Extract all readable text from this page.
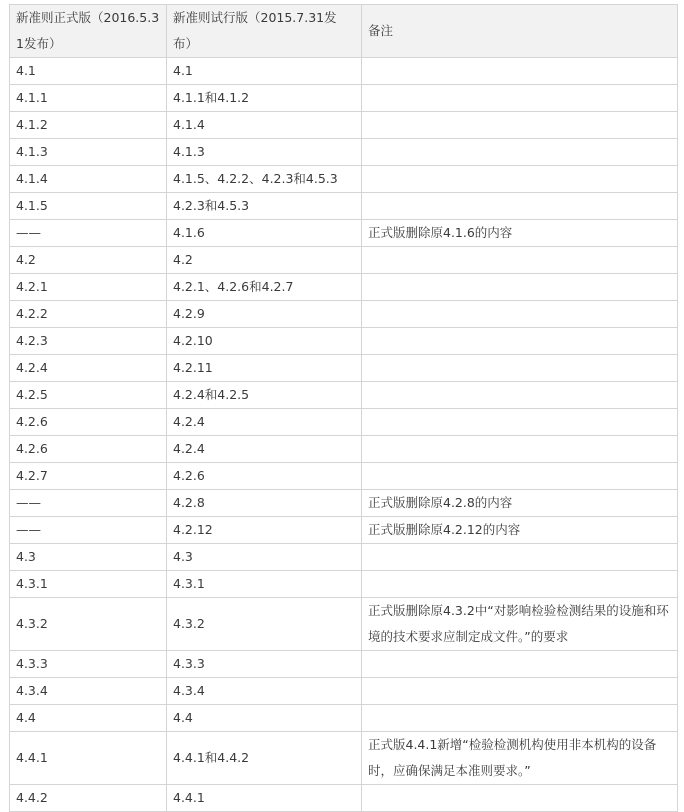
新准则正式版（2016.5.31发布）	新准则试行版（2015.7.31发布）	备注
4.1	4.1	
4.1.1	4.1.1和4.1.2	
4.1.2	4.1.4	
4.1.3	4.1.3	
4.1.4	4.1.5、4.2.2、4.2.3和4.5.3	
4.1.5	4.2.3和4.5.3	
——	4.1.6	正式版删除原4.1.6的内容
4.2	4.2	
4.2.1	4.2.1、4.2.6和4.2.7	
4.2.2	4.2.9	
4.2.3	4.2.10	
4.2.4	4.2.11	
4.2.5	4.2.4和4.2.5	
4.2.6	4.2.4	
4.2.6	4.2.4	
4.2.7	4.2.6	
——	4.2.8	正式版删除原4.2.8的内容
——	4.2.12	正式版删除原4.2.12的内容
4.3	4.3	
4.3.1	4.3.1	
4.3.2	4.3.2	正式版删除原4.3.2中“对影响检验检测结果的设施和环境的技术要求应制定成文件。”的要求
4.3.3	4.3.3	
4.3.4	4.3.4	
4.4	4.4	
4.4.1	4.4.1和4.4.2	正式版4.4.1新增“检验检测机构使用非本机构的设备时，应确保满足本准则要求。”
4.4.2	4.4.1	
